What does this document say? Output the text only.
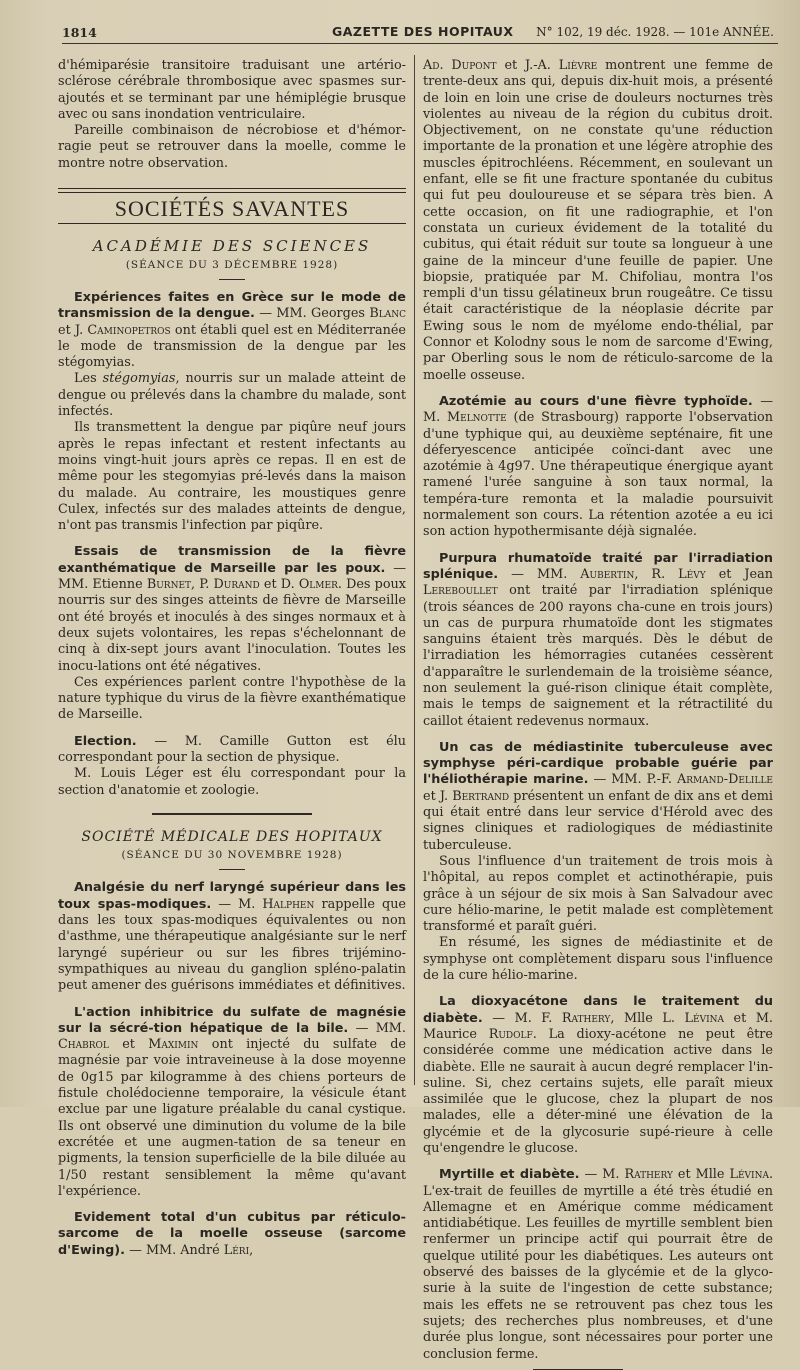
1814	GAZETTE DES HOPITAUX N° 102, 19 déc. 1928. — 101e ANNÉE.

d'hémiparésie transitoire traduisant une artério-sclérose cérébrale thrombosique avec spasmes sur-ajoutés et se terminant par une hémiplégie brusque avec ou sans inondation ventriculaire.

Pareille combinaison de nécrobiose et d'hémor-ragie peut se retrouver dans la moelle, comme le montre notre observation.

SOCIÉTÉS SAVANTES

ACADÉMIE DES SCIENCES

(SÉANCE DU 3 DÉCEMBRE 1928)

Expériences faites en Grèce sur le mode de transmission de la dengue. — MM. Georges Blanc et J. Caminopetros ont établi quel est en Méditerranée le mode de transmission de la dengue par les stégomyias.

Les stégomyias, nourris sur un malade atteint de dengue ou prélevés dans la chambre du malade, sont infectés.

Ils transmettent la dengue par piqûre neuf jours après le repas infectant et restent infectants au moins vingt-huit jours après ce repas. Il en est de même pour les stegomyias pré-levés dans la maison du malade. Au contraire, les moustiques genre Culex, infectés sur des malades atteints de dengue, n'ont pas transmis l'infection par piqûre.

Essais de transmission de la fièvre exanthématique de Marseille par les poux. — MM. Etienne Burnet, P. Durand et D. Olmer. Des poux nourris sur des singes atteints de fièvre de Marseille ont été broyés et inoculés à des singes normaux et à deux sujets volontaires, les repas s'échelonnant de cinq à dix-sept jours avant l'inoculation. Toutes les inocu-lations ont été négatives.

Ces expériences parlent contre l'hypothèse de la nature typhique du virus de la fièvre exanthématique de Marseille.

Election. — M. Camille Gutton est élu correspondant pour la section de physique.

M. Louis Léger est élu correspondant pour la section d'anatomie et zoologie.

SOCIÉTÉ MÉDICALE DES HOPITAUX

(SÉANCE DU 30 NOVEMBRE 1928)

Analgésie du nerf laryngé supérieur dans les toux spas-modiques. — M. Halphen rappelle que dans les toux spas-modiques équivalentes ou non d'asthme, une thérapeutique analgésiante sur le nerf laryngé supérieur ou sur les fibres trijémino-sympathiques au niveau du ganglion spléno-palatin peut amener des guérisons immédiates et définitives.

L'action inhibitrice du sulfate de magnésie sur la sécré-tion hépatique de la bile. — MM. Chabrol et Maximin ont injecté du sulfate de magnésie par voie intraveineuse à la dose moyenne de 0g15 par kilogramme à des chiens porteurs de fistule cholédocienne temporaire, la vésicule étant exclue par une ligature préalable du canal cystique. Ils ont observé une diminution du volume de la bile excrétée et une augmen-tation de sa teneur en pigments, la tension superficielle de la bile diluée au 1/50 restant sensiblement la même qu'avant l'expérience.

Evidement total d'un cubitus par réticulo-sarcome de la moelle osseuse (sarcome d'Ewing). — MM. André Léri,

Ad. Dupont et J.-A. Lièvre montrent une femme de trente-deux ans qui, depuis dix-huit mois, a présenté de loin en loin une crise de douleurs nocturnes très violentes au niveau de la région du cubitus droit. Objectivement, on ne constate qu'une réduction importante de la pronation et une légère atrophie des muscles épitrochléens. Récemment, en soulevant un enfant, elle se fit une fracture spontanée du cubitus qui fut peu douloureuse et se sépara très bien. A cette occasion, on fit une radiographie, et l'on constata un curieux évidement de la totalité du cubitus, qui était réduit sur toute sa longueur à une gaine de la minceur d'une feuille de papier. Une biopsie, pratiquée par M. Chifoliau, montra l'os rempli d'un tissu gélatineux brun rougeâtre. Ce tissu était caractéristique de la néoplasie décrite par Ewing sous le nom de myélome endo-thélial, par Connor et Kolodny sous le nom de sarcome d'Ewing, par Oberling sous le nom de réticulo-sarcome de la moelle osseuse.

Azotémie au cours d'une fièvre typhoïde. — M. Melnotte (de Strasbourg) rapporte l'observation d'une typhique qui, au deuxième septénaire, fit une déferyescence anticipée coïnci-dant avec une azotémie à 4g97. Une thérapeutique énergique ayant ramené l'urée sanguine à son taux normal, la tempéra-ture remonta et la maladie poursuivit normalement son cours. La rétention azotée a eu ici son action hypothermisante déjà signalée.

Purpura rhumatoïde traité par l'irradiation splénique. — MM. Aubertin, R. Lévy et Jean Lereboullet ont traité par l'irradiation splénique (trois séances de 200 rayons cha-cune en trois jours) un cas de purpura rhumatoïde dont les stigmates sanguins étaient très marqués. Dès le début de l'irradiation les hémorragies cutanées cessèrent d'apparaître le surlendemain de la troisième séance, non seulement la gué-rison clinique était complète, mais le temps de saignement et la rétractilité du caillot étaient redevenus normaux.

Un cas de médiastinite tuberculeuse avec symphyse péri-cardique probable guérie par l'héliothérapie marine. — MM. P.-F. Armand-Delille et J. Bertrand présentent un enfant de dix ans et demi qui était entré dans leur service d'Hérold avec des signes cliniques et radiologiques de médiastinite tuberculeuse.

Sous l'influence d'un traitement de trois mois à l'hôpital, au repos complet et actinothérapie, puis grâce à un séjour de six mois à San Salvadour avec cure hélio-marine, le petit malade est complètement transformé et paraît guéri.

En résumé, les signes de médiastinite et de symphyse ont complètement disparu sous l'influence de la cure hélio-marine.

La dioxyacétone dans le traitement du diabète. — M. F. Rathery, Mlle L. Lévina et M. Maurice Rudolf. La dioxy-acétone ne peut être considérée comme une médication active dans le diabète. Elle ne saurait à aucun degré remplacer l'in-suline. Si, chez certains sujets, elle paraît mieux assimilée que le glucose, chez la plupart de nos malades, elle a déter-miné une élévation de la glycémie et de la glycosurie supé-rieure à celle qu'engendre le glucose.

Myrtille et diabète. — M. Rathery et Mlle Lévina. L'ex-trait de feuilles de myrtille a été très étudié en Allemagne et en Amérique comme médicament antidiabétique. Les feuilles de myrtille semblent bien renfermer un principe actif qui pourrait être de quelque utilité pour les diabétiques. Les auteurs ont observé des baisses de la glycémie et de la glyco-surie à la suite de l'ingestion de cette substance; mais les effets ne se retrouvent pas chez tous les sujets; des recherches plus nombreuses, et d'une durée plus longue, sont nécessaires pour porter une conclusion ferme.
